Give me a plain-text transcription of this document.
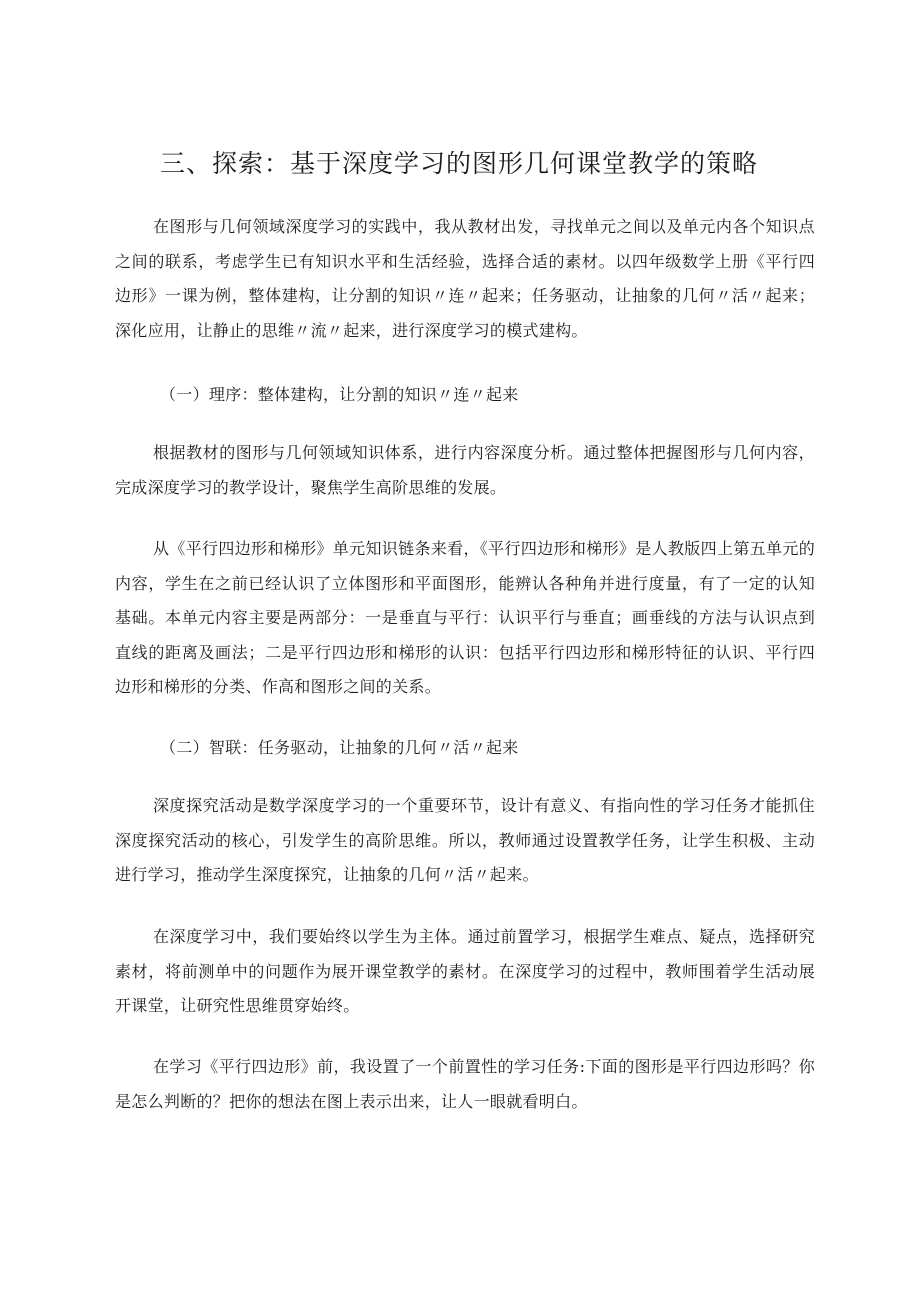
三、探索：基于深度学习的图形几何课堂教学的策略

在图形与几何领域深度学习的实践中，我从教材出发，寻找单元之间以及单元内各个知识点之间的联系，考虑学生已有知识水平和生活经验，选择合适的素材。以四年级数学上册《平行四边形》一课为例，整体建构，让分割的知识〃连〃起来；任务驱动，让抽象的几何〃活〃起来；深化应用，让静止的思维〃流〃起来，进行深度学习的模式建构。

（一）理序：整体建构，让分割的知识〃连〃起来

根据教材的图形与几何领域知识体系，进行内容深度分析。通过整体把握图形与几何内容，完成深度学习的教学设计，聚焦学生高阶思维的发展。

从《平行四边形和梯形》单元知识链条来看，《平行四边形和梯形》是人教版四上第五单元的内容，学生在之前已经认识了立体图形和平面图形，能辨认各种角并进行度量，有了一定的认知基础。本单元内容主要是两部分：一是垂直与平行：认识平行与垂直；画垂线的方法与认识点到直线的距离及画法；二是平行四边形和梯形的认识：包括平行四边形和梯形特征的认识、平行四边形和梯形的分类、作高和图形之间的关系。

（二）智联：任务驱动，让抽象的几何〃活〃起来

深度探究活动是数学深度学习的一个重要环节，设计有意义、有指向性的学习任务才能抓住深度探究活动的核心，引发学生的高阶思维。所以，教师通过设置教学任务，让学生积极、主动进行学习，推动学生深度探究，让抽象的几何〃活〃起来。

在深度学习中，我们要始终以学生为主体。通过前置学习，根据学生难点、疑点，选择研究素材，将前测单中的问题作为展开课堂教学的素材。在深度学习的过程中，教师围着学生活动展开课堂，让研究性思维贯穿始终。

在学习《平行四边形》前，我设置了一个前置性的学习任务:下面的图形是平行四边形吗？你是怎么判断的？把你的想法在图上表示出来，让人一眼就看明白。
